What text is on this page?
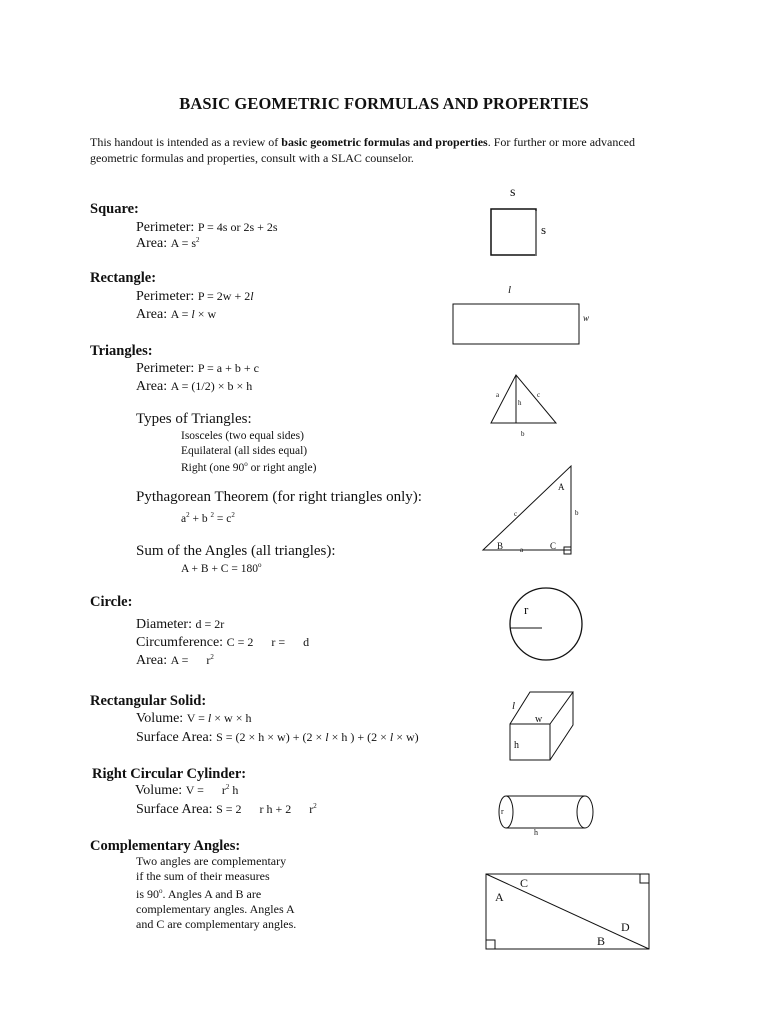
BASIC GEOMETRIC FORMULAS AND PROPERTIES
This handout is intended as a review of basic geometric formulas and properties. For further or more advanced
geometric formulas and properties, consult with a SLAC counselor.
Square:
Perimeter: P = 4s or 2s + 2s
Area: $A = s^2$
Rectangle:
Perimeter: P = 2w + 2l
Area: A = l × w
Triangles:
Perimeter: P = a + b + c
Area: A = (1/2) × b × h
Types of Triangles:
Isosceles (two equal sides)
Equilateral (all sides equal)
Right (one 90$^o$ or right angle)
Pythagorean Theorem (for right triangles only):
$a^2 + b$ $^2 = c^2$
Sum of the Angles (all triangles):
$A + B + C = 180^o$
Circle:
Diameter: d = 2r
Circumference: C = 2      r =      d
Area: A =      $r^2$
Rectangular Solid:
Volume: V = l × w × h
Surface Area: S = (2 × h × w) + (2 × l × h ) + (2 × l × w)
Right Circular Cylinder:
Volume: V =      $r^2$ h
Surface Area: S = 2      r h + 2      $r^2$
Complementary Angles:
Two angles are complementary
if the sum of their measures
is 90$^o$. Angles A and B are
complementary angles. Angles A
and C are complementary angles.
s
s
l
w
a	c
h
b
A
B	C
a
b
c
r
l
w
h
r
h
A
C
D
B
